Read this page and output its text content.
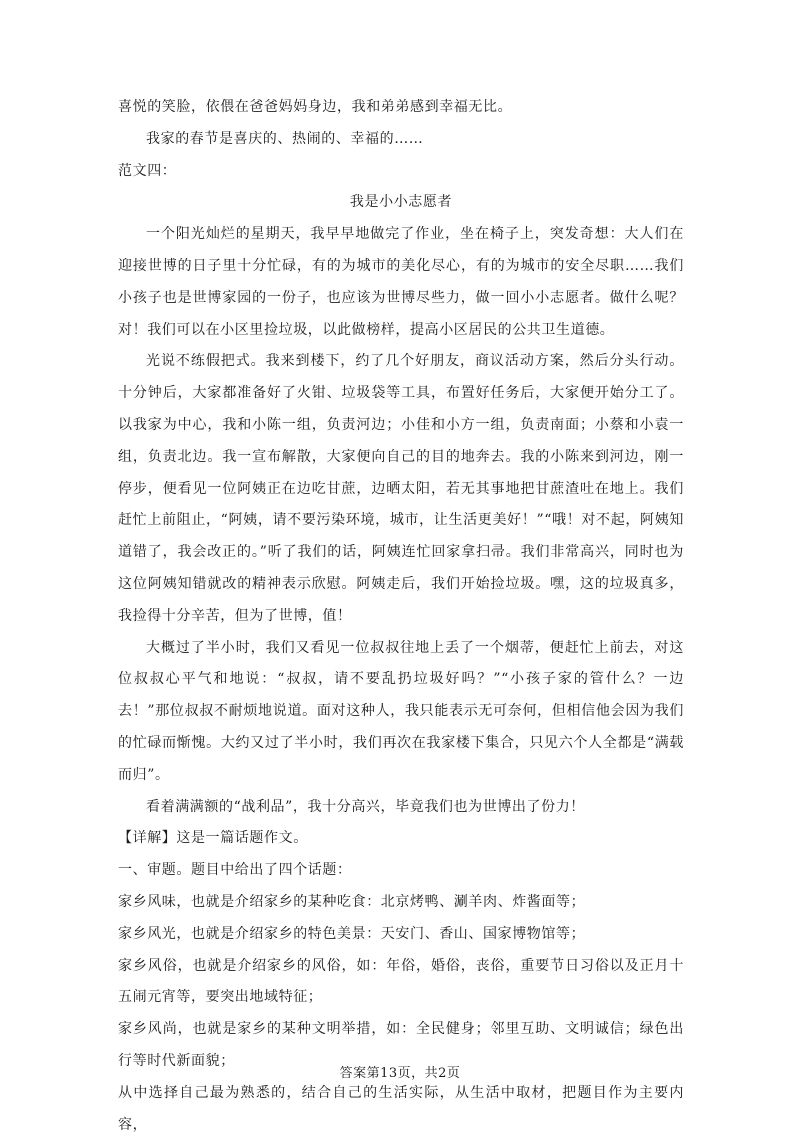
喜悦的笑脸，依偎在爸爸妈妈身边，我和弟弟感到幸福无比。

我家的春节是喜庆的、热闹的、幸福的……

范文四：

我是小小志愿者

一个阳光灿烂的星期天，我早早地做完了作业，坐在椅子上，突发奇想：大人们在迎接世博的日子里十分忙碌，有的为城市的美化尽心，有的为城市的安全尽职……我们小孩子也是世博家园的一份子，也应该为世博尽些力，做一回小小志愿者。做什么呢？对！我们可以在小区里捡垃圾，以此做榜样，提高小区居民的公共卫生道德。

光说不练假把式。我来到楼下，约了几个好朋友，商议活动方案，然后分头行动。十分钟后，大家都准备好了火钳、垃圾袋等工具，布置好任务后，大家便开始分工了。以我家为中心，我和小陈一组，负责河边；小佳和小方一组，负责南面；小蔡和小袁一组，负责北边。我一宣布解散，大家便向自己的目的地奔去。我的小陈来到河边，刚一停步，便看见一位阿姨正在边吃甘蔗，边晒太阳，若无其事地把甘蔗渣吐在地上。我们赶忙上前阻止，“阿姨，请不要污染环境，城市，让生活更美好！”“哦！对不起，阿姨知道错了，我会改正的。”听了我们的话，阿姨连忙回家拿扫帚。我们非常高兴，同时也为这位阿姨知错就改的精神表示欣慰。阿姨走后，我们开始捡垃圾。嘿，这的垃圾真多，我捡得十分辛苦，但为了世博，值！

大概过了半小时，我们又看见一位叔叔往地上丢了一个烟蒂，便赶忙上前去，对这位叔叔心平气和地说：“叔叔，请不要乱扔垃圾好吗？”“小孩子家的管什么？一边去！”那位叔叔不耐烦地说道。面对这种人，我只能表示无可奈何，但相信他会因为我们的忙碌而惭愧。大约又过了半小时，我们再次在我家楼下集合，只见六个人全都是“满载而归”。

看着满满额的“战利品”，我十分高兴，毕竟我们也为世博出了份力！

【详解】这是一篇话题作文。

一、审题。题目中给出了四个话题：

家乡风味，也就是介绍家乡的某种吃食：北京烤鸭、涮羊肉、炸酱面等；

家乡风光，也就是介绍家乡的特色美景：天安门、香山、国家博物馆等；

家乡风俗，也就是介绍家乡的风俗，如：年俗，婚俗，丧俗，重要节日习俗以及正月十五闹元宵等，要突出地域特征；

家乡风尚，也就是家乡的某种文明举措，如：全民健身；邻里互助、文明诚信；绿色出行等时代新面貌；

从中选择自己最为熟悉的，结合自己的生活实际，从生活中取材，把题目作为主要内容，

答案第13页，共2页
